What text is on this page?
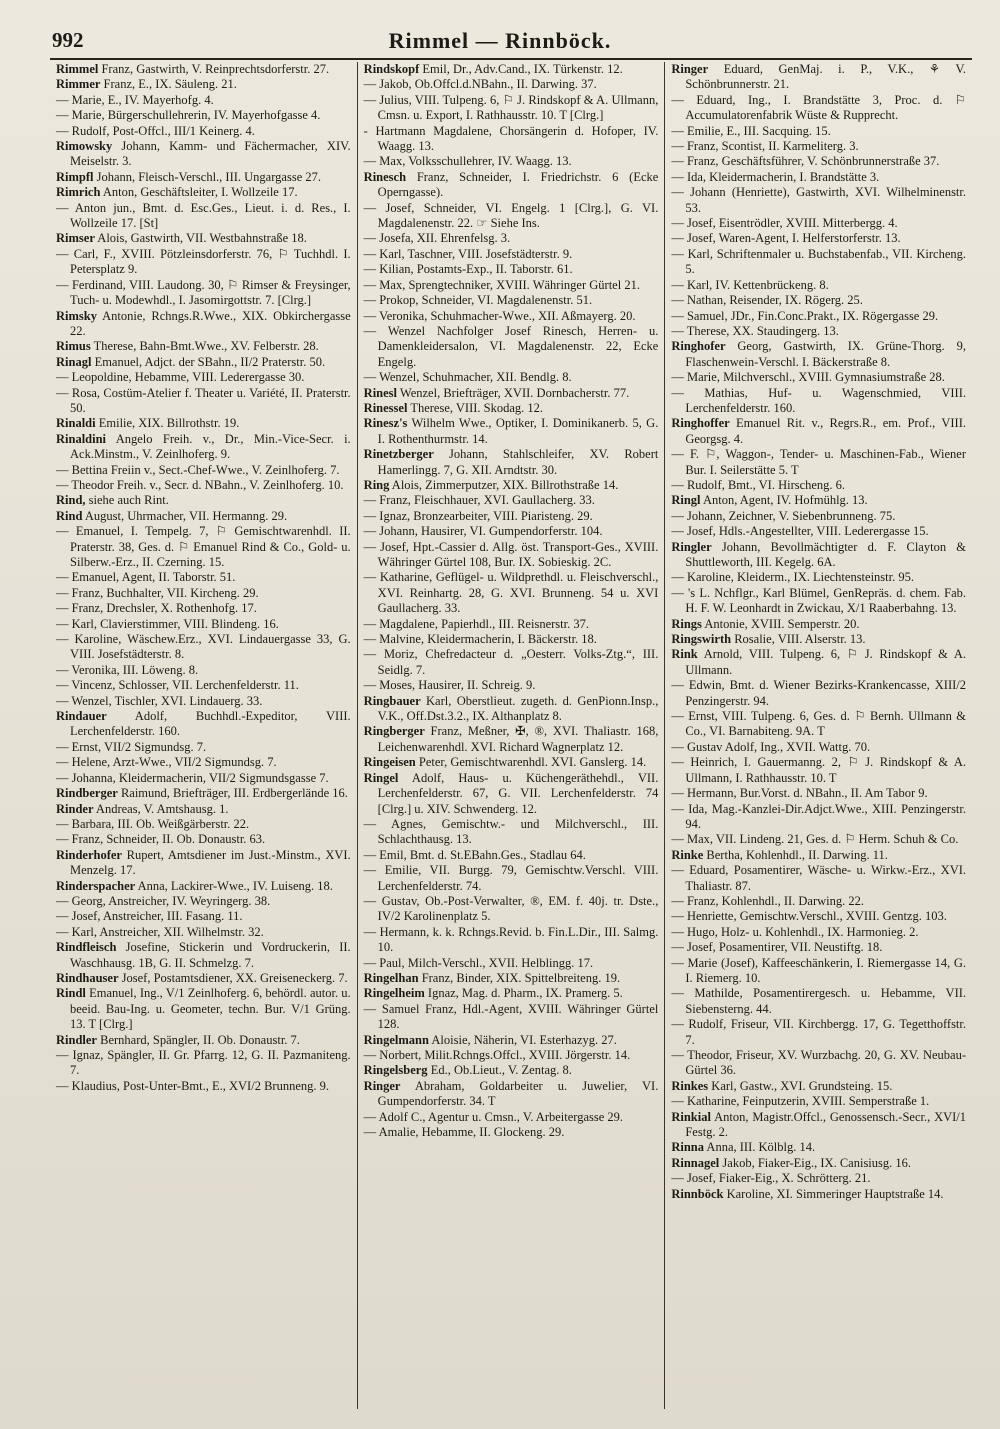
992	Rimmel — Rinnböck.

Rimmel Franz, Gastwirth, V. Reinprechtsdorferstr. 27.

Rimmer Franz, E., IX. Säuleng. 21.

— Marie, E., IV. Mayerhofg. 4.

— Marie, Bürgerschullehrerin, IV. Mayerhofgasse 4.

— Rudolf, Post-Offcl., III/1 Keinerg. 4.

Rimowsky Johann, Kamm- und Fächermacher, XIV. Meiselstr. 3.

Rimpfl Johann, Fleisch-Verschl., III. Ungargasse 27.

Rimrich Anton, Geschäftsleiter, I. Wollzeile 17.

— Anton jun., Bmt. d. Esc.Ges., Lieut. i. d. Res., I. Wollzeile 17. [St]

Rimser Alois, Gastwirth, VII. Westbahnstraße 18.

— Carl, F., XVIII. Pötzleinsdorferstr. 76, ⚐ Tuchhdl. I. Petersplatz 9.

— Ferdinand, VIII. Laudong. 30, ⚐ Rimser & Freysinger, Tuch- u. Modewhdl., I. Jasomirgottstr. 7. [Clrg.]

Rimsky Antonie, Rchngs.R.Wwe., XIX. Obkirchergasse 22.

Rimus Therese, Bahn-Bmt.Wwe., XV. Felberstr. 28.

Rinagl Emanuel, Adjct. der SBahn., II/2 Praterstr. 50.

— Leopoldine, Hebamme, VIII. Lederergasse 30.

— Rosa, Costüm-Atelier f. Theater u. Variété, II. Praterstr. 50.

Rinaldi Emilie, XIX. Billrothstr. 19.

Rinaldini Angelo Freih. v., Dr., Min.-Vice-Secr. i. Ack.Minstm., V. Zeinlhoferg. 9.

— Bettina Freiin v., Sect.-Chef-Wwe., V. Zeinlhoferg. 7.

— Theodor Freih. v., Secr. d. NBahn., V. Zeinlhoferg. 10.

Rind, siehe auch Rint.

Rind August, Uhrmacher, VII. Hermanng. 29.

— Emanuel, I. Tempelg. 7, ⚐ Gemischtwarenhdl. II. Praterstr. 38, Ges. d. ⚐ Emanuel Rind & Co., Gold- u. Silberw.-Erz., II. Czerning. 15.

— Emanuel, Agent, II. Taborstr. 51.

— Franz, Buchhalter, VII. Kircheng. 29.

— Franz, Drechsler, X. Rothenhofg. 17.

— Karl, Clavierstimmer, VIII. Blindeng. 16.

— Karoline, Wäschew.Erz., XVI. Lindauergasse 33, G. VIII. Josefstädterstr. 8.

— Veronika, III. Löweng. 8.

— Vincenz, Schlosser, VII. Lerchenfelderstr. 11.

— Wenzel, Tischler, XVI. Lindauerg. 33.

Rindauer Adolf, Buchhdl.-Expeditor, VIII. Lerchenfelderstr. 160.

— Ernst, VII/2 Sigmundsg. 7.

— Helene, Arzt-Wwe., VII/2 Sigmundsg. 7.

— Johanna, Kleidermacherin, VII/2 Sigmundsgasse 7.

Rindberger Raimund, Briefträger, III. Erdbergerlände 16.

Rinder Andreas, V. Amtshausg. 1.

— Barbara, III. Ob. Weißgärberstr. 22.

— Franz, Schneider, II. Ob. Donaustr. 63.

Rinderhofer Rupert, Amtsdiener im Just.-Minstm., XVI. Menzelg. 17.

Rinderspacher Anna, Lackirer-Wwe., IV. Luiseng. 18.

— Georg, Anstreicher, IV. Weyringerg. 38.

— Josef, Anstreicher, III. Fasang. 11.

— Karl, Anstreicher, XII. Wilhelmstr. 32.

Rindfleisch Josefine, Stickerin und Vordruckerin, II. Waschhausg. 1B, G. II. Schmelzg. 7.

Rindhauser Josef, Postamtsdiener, XX. Greiseneckerg. 7.

Rindl Emanuel, Ing., V/1 Zeinlhoferg. 6, behördl. autor. u. beeid. Bau-Ing. u. Geometer, techn. Bur. V/1 Grüng. 13. T [Clrg.]

Rindler Bernhard, Spängler, II. Ob. Donaustr. 7.

— Ignaz, Spängler, II. Gr. Pfarrg. 12, G. II. Pazmaniteng. 7.

— Klaudius, Post-Unter-Bmt., E., XVI/2 Brunneng. 9.

Rindskopf Emil, Dr., Adv.Cand., IX. Türkenstr. 12.

— Jakob, Ob.Offcl.d.NBahn., II. Darwing. 37.

— Julius, VIII. Tulpeng. 6, ⚐ J. Rindskopf & A. Ullmann, Cmsn. u. Export, I. Rathhausstr. 10. T [Clrg.]

- Hartmann Magdalene, Chorsängerin d. Hofoper, IV. Waagg. 13.

— Max, Volksschullehrer, IV. Waagg. 13.

Rinesch Franz, Schneider, I. Friedrichstr. 6 (Ecke Operngasse).

— Josef, Schneider, VI. Engelg. 1 [Clrg.], G. VI. Magdalenenstr. 22. ☞ Siehe Ins.

— Josefa, XII. Ehrenfelsg. 3.

— Karl, Taschner, VIII. Josefstädterstr. 9.

— Kilian, Postamts-Exp., II. Taborstr. 61.

— Max, Sprengtechniker, XVIII. Währinger Gürtel 21.

— Prokop, Schneider, VI. Magdalenenstr. 51.

— Veronika, Schuhmacher-Wwe., XII. Aßmayerg. 20.

— Wenzel Nachfolger Josef Rinesch, Herren- u. Damenkleidersalon, VI. Magdalenenstr. 22, Ecke Engelg.

— Wenzel, Schuhmacher, XII. Bendlg. 8.

Rinesl Wenzel, Briefträger, XVII. Dornbacherstr. 77.

Rinessel Therese, VIII. Skodag. 12.

Rinesz's Wilhelm Wwe., Optiker, I. Dominikanerb. 5, G. I. Rothenthurmstr. 14.

Rinetzberger Johann, Stahlschleifer, XV. Robert Hamerlingg. 7, G. XII. Arndtstr. 30.

Ring Alois, Zimmerputzer, XIX. Billrothstraße 14.

— Franz, Fleischhauer, XVI. Gaullacherg. 33.

— Ignaz, Bronzearbeiter, VIII. Piaristeng. 29.

— Johann, Hausirer, VI. Gumpendorferstr. 104.

— Josef, Hpt.-Cassier d. Allg. öst. Transport-Ges., XVIII. Währinger Gürtel 108, Bur. IX. Sobieskig. 2C.

— Katharine, Geflügel- u. Wildprethdl. u. Fleischverschl., XVI. Reinhartg. 28, G. XVI. Brunneng. 54 u. XVI Gaullacherg. 33.

— Magdalene, Papierhdl., III. Reisnerstr. 37.

— Malvine, Kleidermacherin, I. Bäckerstr. 18.

— Moriz, Chefredacteur d. „Oesterr. Volks-Ztg.“, III. Seidlg. 7.

— Moses, Hausirer, II. Schreig. 9.

Ringbauer Karl, Oberstlieut. zugeth. d. GenPionn.Insp., V.K., Off.Dst.3.2., IX. Althanplatz 8.

Ringberger Franz, Meßner, ✠, ®, XVI. Thaliastr. 168, Leichenwarenhdl. XVI. Richard Wagnerplatz 12.

Ringeisen Peter, Gemischtwarenhdl. XVI. Ganslerg. 14.

Ringel Adolf, Haus- u. Küchengeräthehdl., VII. Lerchenfelderstr. 67, G. VII. Lerchenfelderstr. 74 [Clrg.] u. XIV. Schwenderg. 12.

— Agnes, Gemischtw.- und Milchverschl., III. Schlachthausg. 13.

— Emil, Bmt. d. St.EBahn.Ges., Stadlau 64.

— Emilie, VII. Burgg. 79, Gemischtw.Verschl. VIII. Lerchenfelderstr. 74.

— Gustav, Ob.-Post-Verwalter, ®, EM. f. 40j. tr. Dste., IV/2 Karolinenplatz 5.

— Hermann, k. k. Rchngs.Revid. b. Fin.L.Dir., III. Salmg. 10.

— Paul, Milch-Verschl., XVII. Helblingg. 17.

Ringelhan Franz, Binder, XIX. Spittelbreiteng. 19.

Ringelheim Ignaz, Mag. d. Pharm., IX. Pramerg. 5.

— Samuel Franz, Hdl.-Agent, XVIII. Währinger Gürtel 128.

Ringelmann Aloisie, Näherin, VI. Esterhazyg. 27.

— Norbert, Milit.Rchngs.Offcl., XVIII. Jörgerstr. 14.

Ringelsberg Ed., Ob.Lieut., V. Zentag. 8.

Ringer Abraham, Goldarbeiter u. Juwelier, VI. Gumpendorferstr. 34. T

— Adolf C., Agentur u. Cmsn., V. Arbeitergasse 29.

— Amalie, Hebamme, II. Glockeng. 29.

Ringer Eduard, GenMaj. i. P., V.K., ⚘ V. Schönbrunnerstr. 21.

— Eduard, Ing., I. Brandstätte 3, Proc. d. ⚐ Accumulatorenfabrik Wüste & Rupprecht.

— Emilie, E., III. Sacquing. 15.

— Franz, Scontist, II. Karmeliterg. 3.

— Franz, Geschäftsführer, V. Schönbrunnerstraße 37.

— Ida, Kleidermacherin, I. Brandstätte 3.

— Johann (Henriette), Gastwirth, XVI. Wilhelminenstr. 53.

— Josef, Eisentrödler, XVIII. Mitterbergg. 4.

— Josef, Waren-Agent, I. Helferstorferstr. 13.

— Karl, Schriftenmaler u. Buchstabenfab., VII. Kircheng. 5.

— Karl, IV. Kettenbrückeng. 8.

— Nathan, Reisender, IX. Rögerg. 25.

— Samuel, JDr., Fin.Conc.Prakt., IX. Rögergasse 29.

— Therese, XX. Staudingerg. 13.

Ringhofer Georg, Gastwirth, IX. Grüne-Thorg. 9, Flaschenwein-Verschl. I. Bäckerstraße 8.

— Marie, Milchverschl., XVIII. Gymnasiumstraße 28.

— Mathias, Huf- u. Wagenschmied, VIII. Lerchenfelderstr. 160.

Ringhoffer Emanuel Rit. v., Regrs.R., em. Prof., VIII. Georgsg. 4.

— F. ⚐, Waggon-, Tender- u. Maschinen-Fab., Wiener Bur. I. Seilerstätte 5. T

— Rudolf, Bmt., VI. Hirscheng. 6.

Ringl Anton, Agent, IV. Hofmühlg. 13.

— Johann, Zeichner, V. Siebenbrunneng. 75.

— Josef, Hdls.-Angestellter, VIII. Lederergasse 15.

Ringler Johann, Bevollmächtigter d. F. Clayton & Shuttleworth, III. Kegelg. 6A.

— Karoline, Kleiderm., IX. Liechtensteinstr. 95.

— 's L. Nchflgr., Karl Blümel, GenRepräs. d. chem. Fab. H. F. W. Leonhardt in Zwickau, X/1 Raaberbahng. 13.

Rings Antonie, XVIII. Semperstr. 20.

Ringswirth Rosalie, VIII. Alserstr. 13.

Rink Arnold, VIII. Tulpeng. 6, ⚐ J. Rindskopf & A. Ullmann.

— Edwin, Bmt. d. Wiener Bezirks-Krankencasse, XIII/2 Penzingerstr. 94.

— Ernst, VIII. Tulpeng. 6, Ges. d. ⚐ Bernh. Ullmann & Co., VI. Barnabiteng. 9A. T

— Gustav Adolf, Ing., XVII. Wattg. 70.

— Heinrich, I. Gauermanng. 2, ⚐ J. Rindskopf & A. Ullmann, I. Rathhausstr. 10. T

— Hermann, Bur.Vorst. d. NBahn., II. Am Tabor 9.

— Ida, Mag.-Kanzlei-Dir.Adjct.Wwe., XIII. Penzingerstr. 94.

— Max, VII. Lindeng. 21, Ges. d. ⚐ Herm. Schuh & Co.

Rinke Bertha, Kohlenhdl., II. Darwing. 11.

— Eduard, Posamentirer, Wäsche- u. Wirkw.-Erz., XVI. Thaliastr. 87.

— Franz, Kohlenhdl., II. Darwing. 22.

— Henriette, Gemischtw.Verschl., XVIII. Gentzg. 103.

— Hugo, Holz- u. Kohlenhdl., IX. Harmonieg. 2.

— Josef, Posamentirer, VII. Neustiftg. 18.

— Marie (Josef), Kaffeeschänkerin, I. Riemergasse 14, G. I. Riemerg. 10.

— Mathilde, Posamentirergesch. u. Hebamme, VII. Siebensterng. 44.

— Rudolf, Friseur, VII. Kirchbergg. 17, G. Tegetthoffstr. 7.

— Theodor, Friseur, XV. Wurzbachg. 20, G. XV. Neubau-Gürtel 36.

Rinkes Karl, Gastw., XVI. Grundsteing. 15.

— Katharine, Feinputzerin, XVIII. Semperstraße 1.

Rinkial Anton, Magistr.Offcl., Genossensch.-Secr., XVI/1 Festg. 2.

Rinna Anna, III. Kölblg. 14.

Rinnagel Jakob, Fiaker-Eig., IX. Canisiusg. 16.

— Josef, Fiaker-Eig., X. Schrötterg. 21.

Rinnböck Karoline, XI. Simmeringer Hauptstraße 14.
